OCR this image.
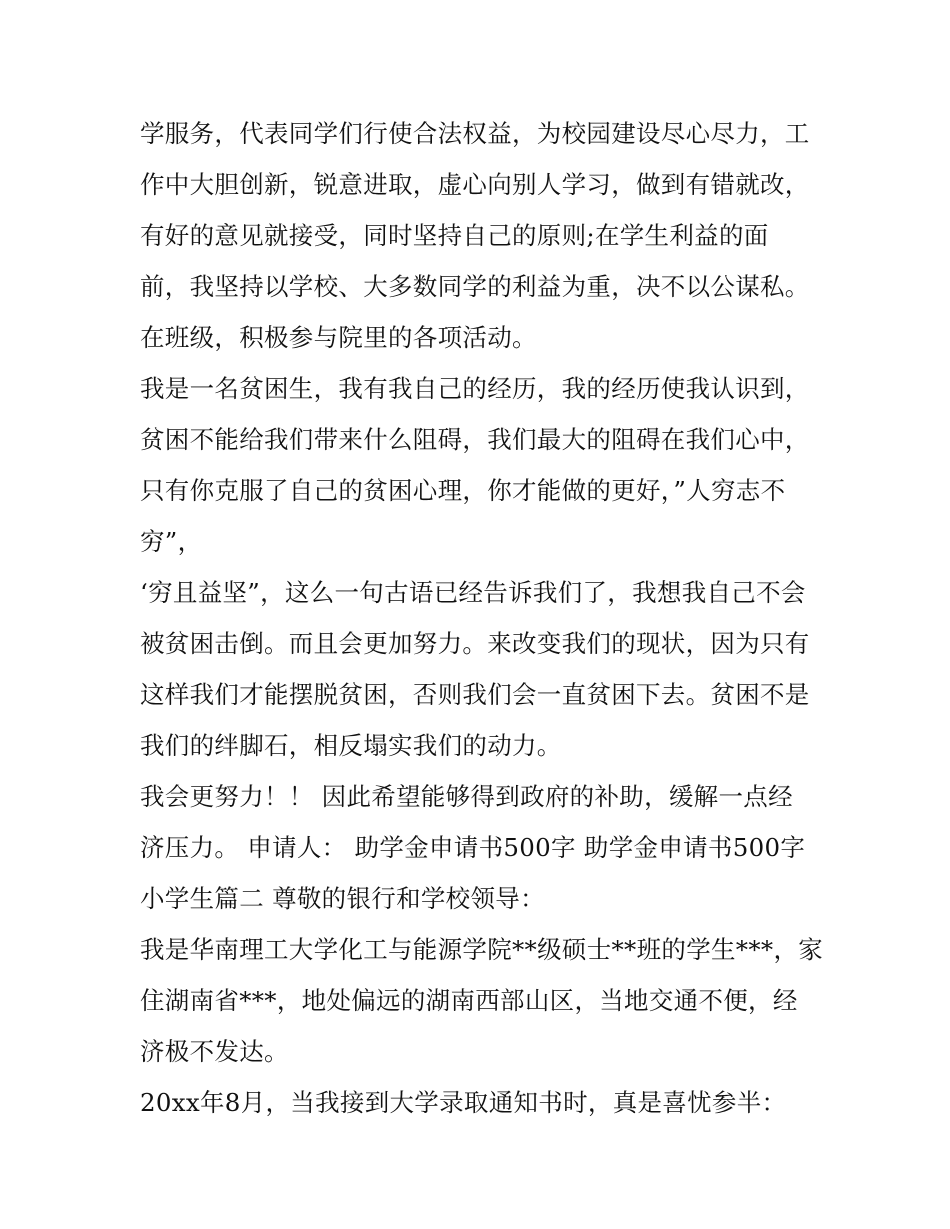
学服务，代表同学们行使合法权益，为校园建设尽心尽力，工
作中大胆创新，锐意进取，虚心向别人学习，做到有错就改，
有好的意见就接受，同时坚持自己的原则;在学生利益的面
前，我坚持以学校、大多数同学的利益为重，决不以公谋私。
在班级，积极参与院里的各项活动。
我是一名贫困生，我有我自己的经历，我的经历使我认识到，
贫困不能给我们带来什么阻碍，我们最大的阻碍在我们心中，
只有你克服了自己的贫困心理，你才能做的更好，”人穷志不
穷”，
‘穷且益坚”，这么一句古语已经告诉我们了，我想我自己不会
被贫困击倒。而且会更加努力。来改变我们的现状，因为只有
这样我们才能摆脱贫困，否则我们会一直贫困下去。贫困不是
我们的绊脚石，相反塌实我们的动力。
我会更努力！！ 因此希望能够得到政府的补助，缓解一点经
济压力。 申请人： 助学金申请书500字 助学金申请书500字
小学生篇二 尊敬的银行和学校领导：
我是华南理工大学化工与能源学院**级硕士**班的学生***，家
住湖南省***，地处偏远的湖南西部山区，当地交通不便，经
济极不发达。
20xx年8月，当我接到大学录取通知书时，真是喜忧参半：
